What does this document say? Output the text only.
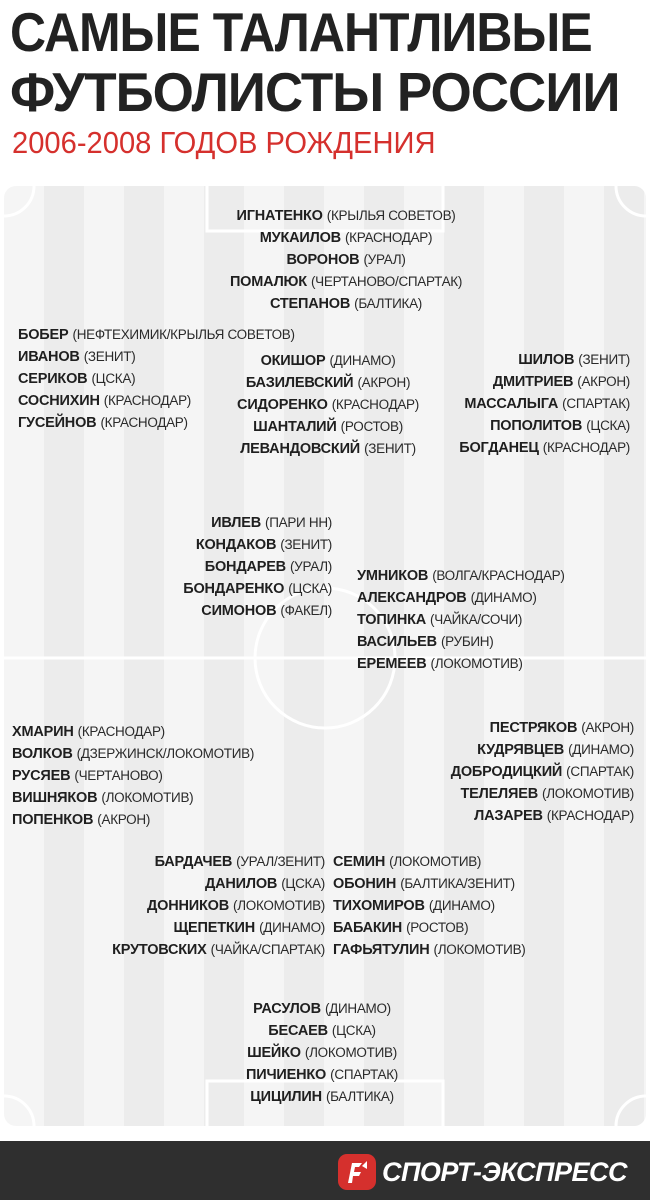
САМЫЕ ТАЛАНТЛИВЫЕ
ФУТБОЛИСТЫ РОССИИ
2006-2008 ГОДОВ РОЖДЕНИЯ
ИГНАТЕНКО (КРЫЛЬЯ СОВЕТОВ)
МУКАИЛОВ (КРАСНОДАР)
ВОРОНОВ (УРАЛ)
ПОМАЛЮК (ЧЕРТАНОВО/СПАРТАК)
СТЕПАНОВ (БАЛТИКА)
БОБЕР (НЕФТЕХИМИК/КРЫЛЬЯ СОВЕТОВ)
ИВАНОВ (ЗЕНИТ)
СЕРИКОВ (ЦСКА)
СОСНИХИН (КРАСНОДАР)
ГУСЕЙНОВ (КРАСНОДАР)
ОКИШОР (ДИНАМО)
БАЗИЛЕВСКИЙ (АКРОН)
СИДОРЕНКО (КРАСНОДАР)
ШАНТАЛИЙ (РОСТОВ)
ЛЕВАНДОВСКИЙ (ЗЕНИТ)
ШИЛОВ (ЗЕНИТ)
ДМИТРИЕВ (АКРОН)
МАССАЛЫГА (СПАРТАК)
ПОПОЛИТОВ (ЦСКА)
БОГДАНЕЦ (КРАСНОДАР)
ИВЛЕВ (ПАРИ НН)
КОНДАКОВ (ЗЕНИТ)
БОНДАРЕВ (УРАЛ)
БОНДАРЕНКО (ЦСКА)
СИМОНОВ (ФАКЕЛ)
УМНИКОВ (ВОЛГА/КРАСНОДАР)
АЛЕКСАНДРОВ (ДИНАМО)
ТОПИНКА (ЧАЙКА/СОЧИ)
ВАСИЛЬЕВ (РУБИН)
ЕРЕМЕЕВ (ЛОКОМОТИВ)
ХМАРИН (КРАСНОДАР)
ВОЛКОВ (ДЗЕРЖИНСК/ЛОКОМОТИВ)
РУСЯЕВ (ЧЕРТАНОВО)
ВИШНЯКОВ (ЛОКОМОТИВ)
ПОПЕНКОВ (АКРОН)
ПЕСТРЯКОВ (АКРОН)
КУДРЯВЦЕВ (ДИНАМО)
ДОБРОДИЦКИЙ (СПАРТАК)
ТЕЛЕЛЯЕВ (ЛОКОМОТИВ)
ЛАЗАРЕВ (КРАСНОДАР)
БАРДАЧЕВ (УРАЛ/ЗЕНИТ)
ДАНИЛОВ (ЦСКА)
ДОННИКОВ (ЛОКОМОТИВ)
ЩЕПЕТКИН (ДИНАМО)
КРУТОВСКИХ (ЧАЙКА/СПАРТАК)
СЕМИН (ЛОКОМОТИВ)
ОБОНИН (БАЛТИКА/ЗЕНИТ)
ТИХОМИРОВ (ДИНАМО)
БАБАКИН (РОСТОВ)
ГАФЬЯТУЛИН (ЛОКОМОТИВ)
РАСУЛОВ (ДИНАМО)
БЕСАЕВ (ЦСКА)
ШЕЙКО (ЛОКОМОТИВ)
ПИЧИЕНКО (СПАРТАК)
ЦИЦИЛИН (БАЛТИКА)
СПОРТ-ЭКСПРЕСС
